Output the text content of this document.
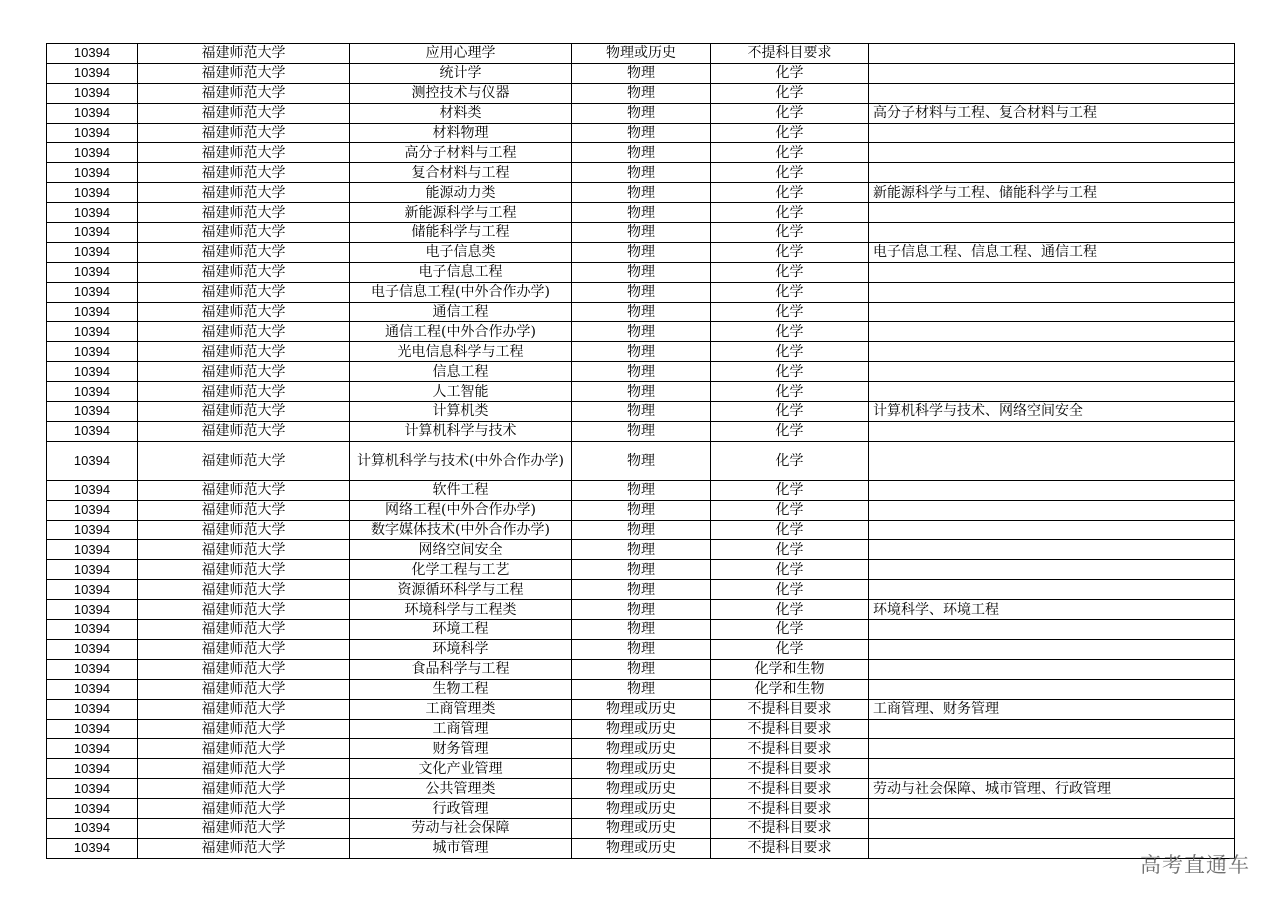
10394	福建师范大学	应用心理学	物理或历史	不提科目要求	
10394	福建师范大学	统计学	物理	化学	
10394	福建师范大学	测控技术与仪器	物理	化学	
10394	福建师范大学	材料类	物理	化学	高分子材料与工程、复合材料与工程
10394	福建师范大学	材料物理	物理	化学	
10394	福建师范大学	高分子材料与工程	物理	化学	
10394	福建师范大学	复合材料与工程	物理	化学	
10394	福建师范大学	能源动力类	物理	化学	新能源科学与工程、储能科学与工程
10394	福建师范大学	新能源科学与工程	物理	化学	
10394	福建师范大学	储能科学与工程	物理	化学	
10394	福建师范大学	电子信息类	物理	化学	电子信息工程、信息工程、通信工程
10394	福建师范大学	电子信息工程	物理	化学	
10394	福建师范大学	电子信息工程(中外合作办学)	物理	化学	
10394	福建师范大学	通信工程	物理	化学	
10394	福建师范大学	通信工程(中外合作办学)	物理	化学	
10394	福建师范大学	光电信息科学与工程	物理	化学	
10394	福建师范大学	信息工程	物理	化学	
10394	福建师范大学	人工智能	物理	化学	
10394	福建师范大学	计算机类	物理	化学	计算机科学与技术、网络空间安全
10394	福建师范大学	计算机科学与技术	物理	化学	
10394	福建师范大学	计算机科学与技术(中外合作办学)	物理	化学	
10394	福建师范大学	软件工程	物理	化学	
10394	福建师范大学	网络工程(中外合作办学)	物理	化学	
10394	福建师范大学	数字媒体技术(中外合作办学)	物理	化学	
10394	福建师范大学	网络空间安全	物理	化学	
10394	福建师范大学	化学工程与工艺	物理	化学	
10394	福建师范大学	资源循环科学与工程	物理	化学	
10394	福建师范大学	环境科学与工程类	物理	化学	环境科学、环境工程
10394	福建师范大学	环境工程	物理	化学	
10394	福建师范大学	环境科学	物理	化学	
10394	福建师范大学	食品科学与工程	物理	化学和生物	
10394	福建师范大学	生物工程	物理	化学和生物	
10394	福建师范大学	工商管理类	物理或历史	不提科目要求	工商管理、财务管理
10394	福建师范大学	工商管理	物理或历史	不提科目要求	
10394	福建师范大学	财务管理	物理或历史	不提科目要求	
10394	福建师范大学	文化产业管理	物理或历史	不提科目要求	
10394	福建师范大学	公共管理类	物理或历史	不提科目要求	劳动与社会保障、城市管理、行政管理
10394	福建师范大学	行政管理	物理或历史	不提科目要求	
10394	福建师范大学	劳动与社会保障	物理或历史	不提科目要求	
10394	福建师范大学	城市管理	物理或历史	不提科目要求	
高考直通车
